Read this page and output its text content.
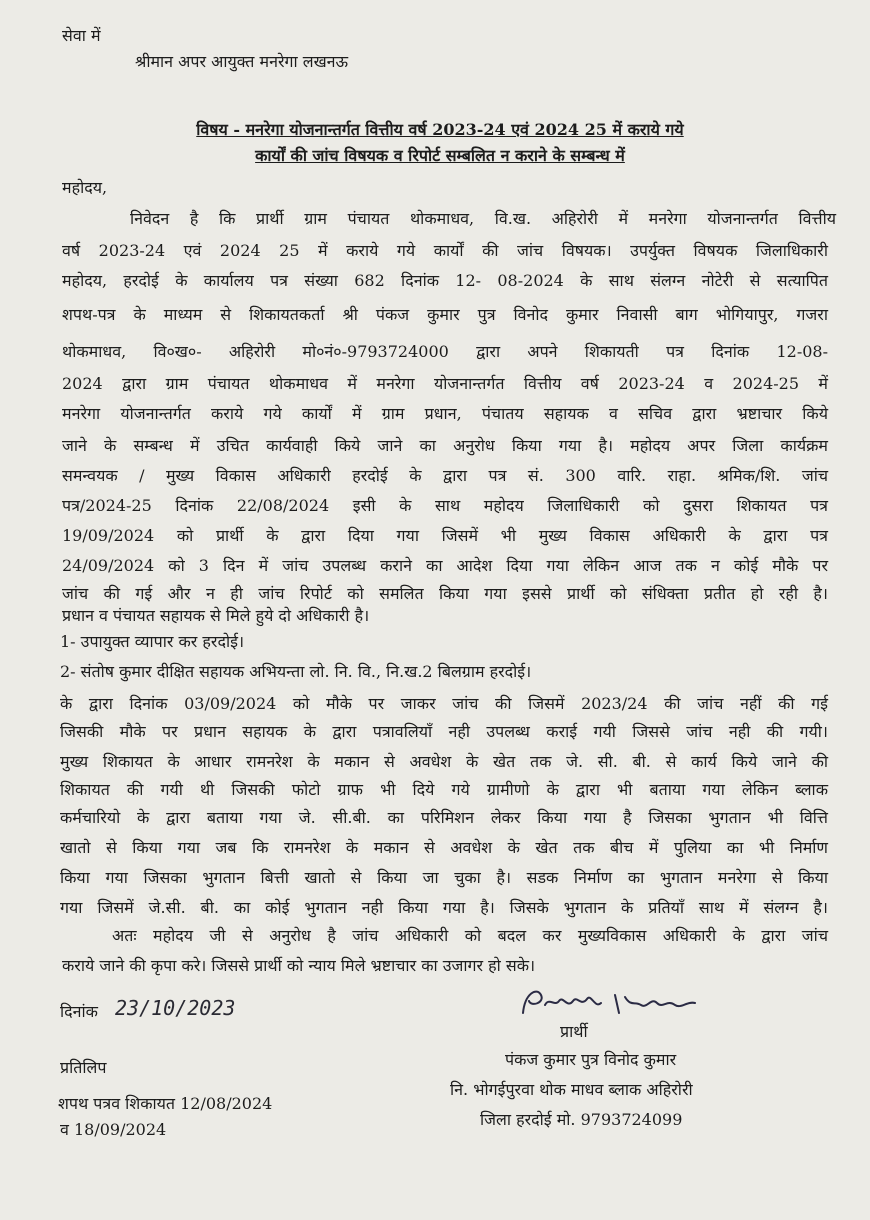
सेवा में
श्रीमान अपर आयुक्त मनरेगा लखनऊ
विषय - मनरेगा योजनान्तर्गत वित्तीय वर्ष 2023-24 एवं 2024 25 में कराये गये
कार्यों की जांच विषयक व रिपोर्ट सम्बलित न कराने के सम्बन्ध में
महोदय,
निवेदन है कि प्रार्थी ग्राम पंचायत थोकमाधव, वि.ख. अहिरोरी में मनरेगा योजनान्तर्गत वित्तीय
वर्ष 2023-24 एवं 2024 25 में कराये गये कार्यों की जांच विषयक। उपर्युक्त विषयक जिलाधिकारी
महोदय, हरदोई के कार्यालय पत्र संख्या 682 दिनांक 12- 08-2024 के साथ संलग्न नोटेरी से सत्यापित
शपथ-पत्र के माध्यम से शिकायतकर्ता श्री पंकज कुमार पुत्र विनोद कुमार निवासी बाग भोगियापुर, गजरा
थोकमाधव, वि०ख०- अहिरोरी मो०नं०-9793724000 द्वारा अपने शिकायती पत्र दिनांक 12-08-
2024 द्वारा ग्राम पंचायत थोकमाधव में मनरेगा योजनान्तर्गत वित्तीय वर्ष 2023-24 व 2024-25 में
मनरेगा योजनान्तर्गत कराये गये कार्यों में ग्राम प्रधान, पंचातय सहायक व सचिव द्वारा भ्रष्टाचार किये
जाने के सम्बन्ध में उचित कार्यवाही किये जाने का अनुरोध किया गया है। महोदय अपर जिला कार्यक्रम
समन्वयक / मुख्य विकास अधिकारी हरदोई के द्वारा पत्र सं. 300 वारि. राहा. श्रमिक/शि. जांच
पत्र/2024-25 दिनांक 22/08/2024 इसी के साथ महोदय जिलाधिकारी को दुसरा शिकायत पत्र
19/09/2024 को प्रार्थी के द्वारा दिया गया जिसमें भी मुख्य विकास अधिकारी के द्वारा पत्र
24/09/2024 को 3 दिन में जांच उपलब्ध कराने का आदेश दिया गया लेकिन आज तक न कोई मौके पर
जांच की गई और न ही जांच रिपोर्ट को समलित किया गया इससे प्रार्थी को संधिक्ता प्रतीत हो रही है।
प्रधान व पंचायत सहायक से मिले हुये दो अधिकारी है।
1- उपायुक्त व्यापार कर हरदोई।
2- संतोष कुमार दीक्षित सहायक अभियन्ता लो. नि. वि., नि.ख.2 बिलग्राम हरदोई।
के द्वारा दिनांक 03/09/2024 को मौके पर जाकर जांच की जिसमें 2023/24 की जांच नहीं की गई
जिसकी मौके पर प्रधान सहायक के द्वारा पत्रावलियाँ नही उपलब्ध कराई गयी जिससे जांच नही की गयी।
मुख्य शिकायत के आधार रामनरेश के मकान से अवधेश के खेत तक जे. सी. बी. से कार्य किये जाने की
शिकायत की गयी थी जिसकी फोटो ग्राफ भी दिये गये ग्रामीणो के द्वारा भी बताया गया लेकिन ब्लाक
कर्मचारियो के द्वारा बताया गया जे. सी.बी. का परिमिशन लेकर किया गया है जिसका भुगतान भी वित्ति
खातो से किया गया जब कि रामनरेश के मकान से अवधेश के खेत तक बीच में पुलिया का भी निर्माण
किया गया जिसका भुगतान बित्ती खातो से किया जा चुका है। सडक निर्माण का भुगतान मनरेगा से किया
गया जिसमें जे.सी. बी. का कोई भुगतान नही किया गया है। जिसके भुगतान के प्रतियाँ साथ में संलग्न है।
अतः महोदय जी से अनुरोध है जांच अधिकारी को बदल कर मुख्यविकास अधिकारी के द्वारा जांच
कराये जाने की कृपा करे। जिससे प्रार्थी को न्याय मिले भ्रष्टाचार का उजागर हो सके।
दिनांक 23/10/2023
प्रार्थी
पंकज कुमार पुत्र विनोद कुमार
नि. भोगईपुरवा थोक माधव ब्लाक अहिरोरी
जिला हरदोई मो. 9793724099
प्रतिलिप
शपथ पत्रव शिकायत 12/08/2024
व 18/09/2024
